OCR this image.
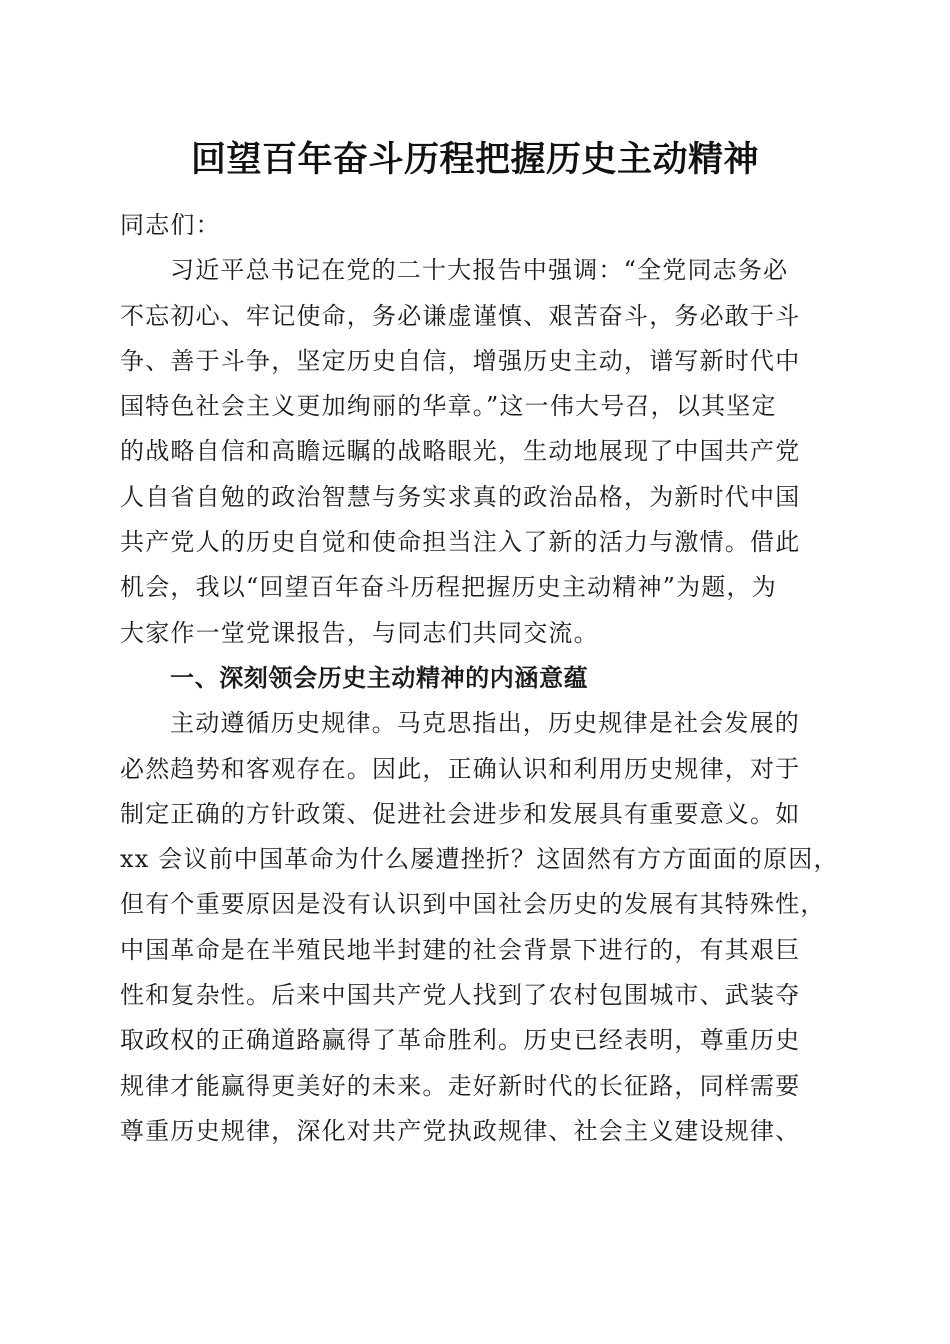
回望百年奋斗历程把握历史主动精神
同志们：
习近平总书记在党的二十大报告中强调：“全党同志务必
不忘初心、牢记使命，务必谦虚谨慎、艰苦奋斗，务必敢于斗
争、善于斗争，坚定历史自信，增强历史主动，谱写新时代中
国特色社会主义更加绚丽的华章。”这一伟大号召，以其坚定
的战略自信和高瞻远瞩的战略眼光，生动地展现了中国共产党
人自省自勉的政治智慧与务实求真的政治品格，为新时代中国
共产党人的历史自觉和使命担当注入了新的活力与激情。借此
机会，我以“回望百年奋斗历程把握历史主动精神”为题，为
大家作一堂党课报告，与同志们共同交流。
一、深刻领会历史主动精神的内涵意蕴
主动遵循历史规律。马克思指出，历史规律是社会发展的
必然趋势和客观存在。因此，正确认识和利用历史规律，对于
制定正确的方针政策、促进社会进步和发展具有重要意义。如
xx 会议前中国革命为什么屡遭挫折？这固然有方方面面的原因，
但有个重要原因是没有认识到中国社会历史的发展有其特殊性，
中国革命是在半殖民地半封建的社会背景下进行的，有其艰巨
性和复杂性。后来中国共产党人找到了农村包围城市、武装夺
取政权的正确道路赢得了革命胜利。历史已经表明，尊重历史
规律才能赢得更美好的未来。走好新时代的长征路，同样需要
尊重历史规律，深化对共产党执政规律、社会主义建设规律、
